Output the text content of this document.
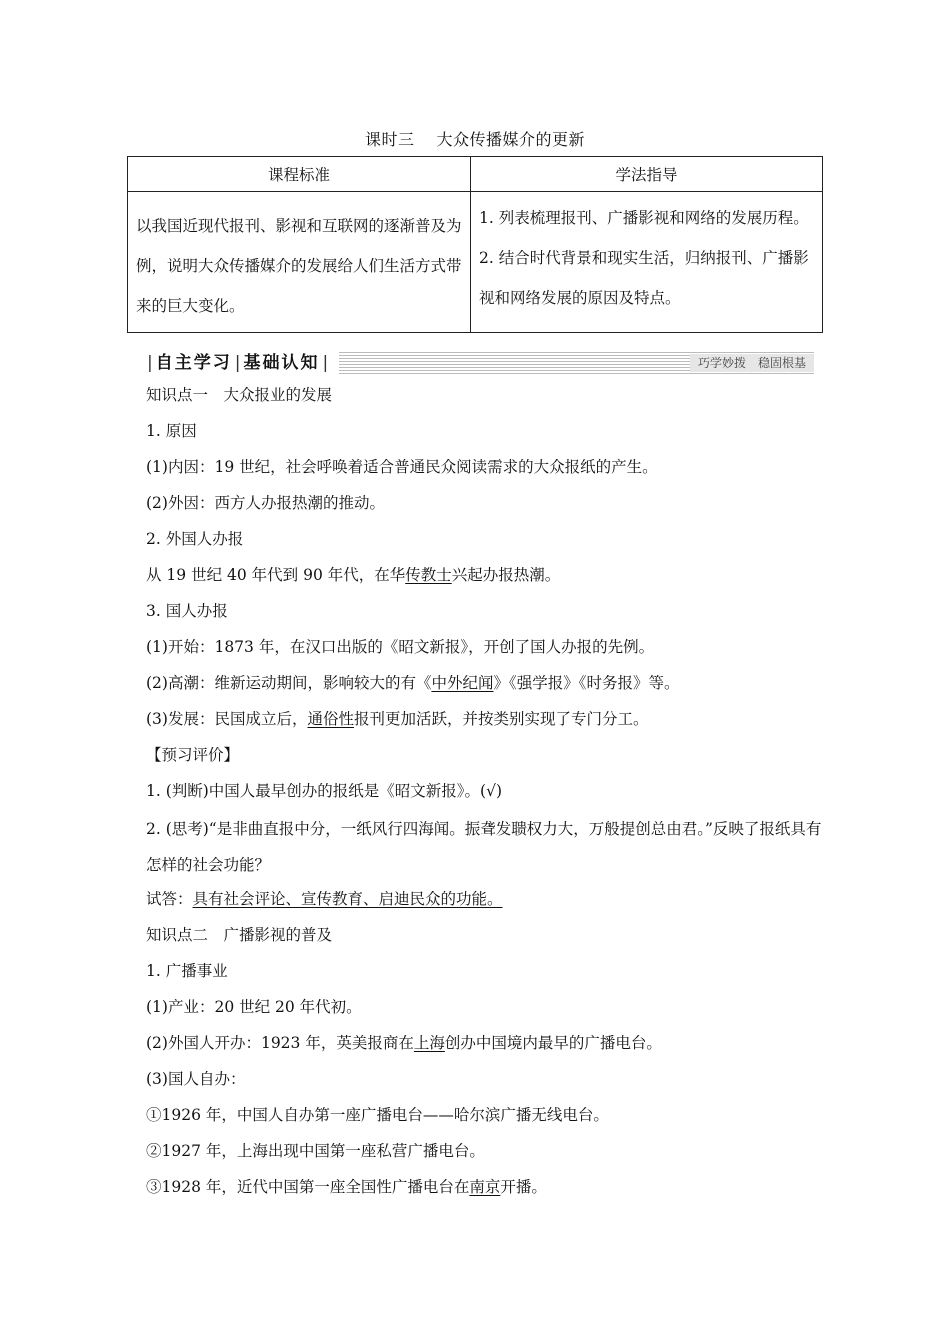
课时三 大众传播媒介的更新
课程标准	学法指导
以我国近现代报刊、影视和互联网的逐渐普及为例，说明大众传播媒介的发展给人们生活方式带来的巨大变化。	1. 列表梳理报刊、广播影视和网络的发展历程。
2. 结合时代背景和现实生活，归纳报刊、广播影视和网络发展的原因及特点。
| 自主学习 | 基础认知 |	巧学妙拨 稳固根基

知识点一　大众报业的发展

1. 原因

(1)内因：19 世纪，社会呼唤着适合普通民众阅读需求的大众报纸的产生。

(2)外因：西方人办报热潮的推动。

2. 外国人办报

从 19 世纪 40 年代到 90 年代，在华传教士兴起办报热潮。

3. 国人办报

(1)开始：1873 年，在汉口出版的《昭文新报》，开创了国人办报的先例。

(2)高潮：维新运动期间，影响较大的有《中外纪闻》《强学报》《时务报》等。

(3)发展：民国成立后，通俗性报刊更加活跃，并按类别实现了专门分工。

【预习评价】

1. (判断)中国人最早创办的报纸是《昭文新报》。(√)

2. (思考)“是非曲直报中分，一纸风行四海闻。振聋发聩权力大，万般提创总由君。”反映了报纸具有怎样的社会功能？

试答：具有社会评论、宣传教育、启迪民众的功能。

知识点二　广播影视的普及

1. 广播事业

(1)产业：20 世纪 20 年代初。

(2)外国人开办：1923 年，英美报商在上海创办中国境内最早的广播电台。

(3)国人自办：

①1926 年，中国人自办第一座广播电台——哈尔滨广播无线电台。

②1927 年，上海出现中国第一座私营广播电台。

③1928 年，近代中国第一座全国性广播电台在南京开播。
